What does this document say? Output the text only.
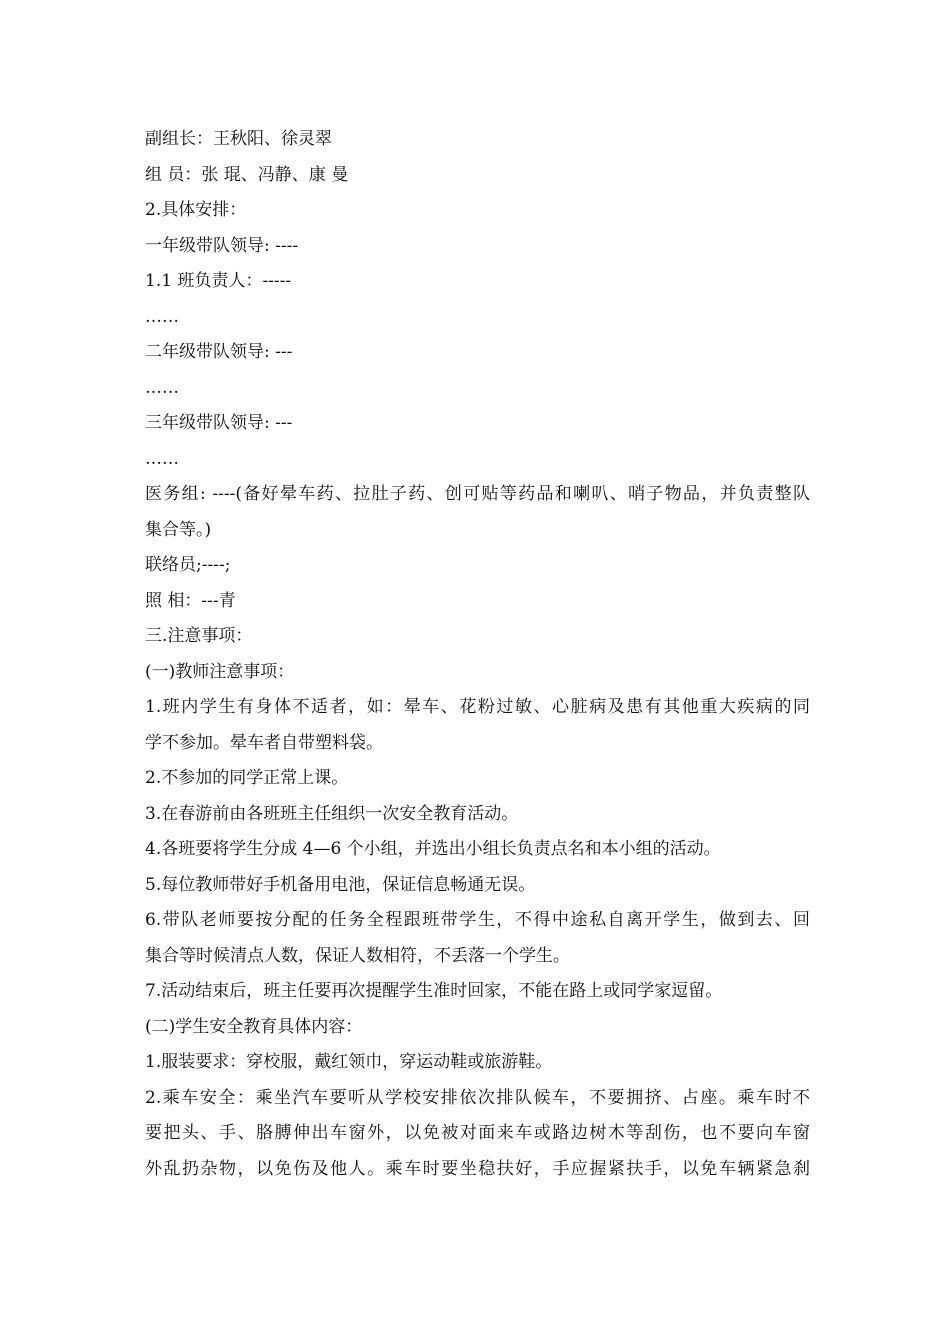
副组长：王秋阳、徐灵翠
组 员：张 琨、冯静、康 曼
2.具体安排：
一年级带队领导: ----
1.1 班负责人：-----
……
二年级带队领导: ---
……
三年级带队领导: ---
……
医务组: ----(备好晕车药、拉肚子药、创可贴等药品和喇叭、哨子物品，并负责整队
集合等。)
联络员;----;
照 相：---青
三.注意事项：
(一)教师注意事项：
1.班内学生有身体不适者，如：晕车、花粉过敏、心脏病及患有其他重大疾病的同
学不参加。晕车者自带塑料袋。
2.不参加的同学正常上课。
3.在春游前由各班班主任组织一次安全教育活动。
4.各班要将学生分成 4—6 个小组，并选出小组长负责点名和本小组的活动。
5.每位教师带好手机备用电池，保证信息畅通无误。
6.带队老师要按分配的任务全程跟班带学生，不得中途私自离开学生，做到去、回
集合等时候清点人数，保证人数相符，不丢落一个学生。
7.活动结束后，班主任要再次提醒学生准时回家，不能在路上或同学家逗留。
(二)学生安全教育具体内容：
1.服装要求：穿校服，戴红领巾，穿运动鞋或旅游鞋。
2.乘车安全：乘坐汽车要听从学校安排依次排队候车，不要拥挤、占座。乘车时不
要把头、手、胳膊伸出车窗外，以免被对面来车或路边树木等刮伤，也不要向车窗
外乱扔杂物，以免伤及他人。乘车时要坐稳扶好，手应握紧扶手，以免车辆紧急刹
